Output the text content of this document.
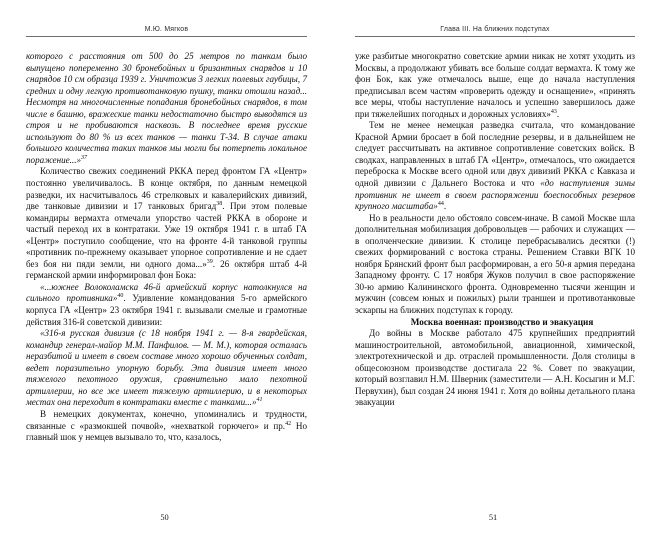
М.Ю. Мягков

которого с расстояния от 500 до 25 метров по танкам было выпущено попеременно 30 бронебойных и бризантных снарядов и 10 снарядов 10 см образца 1939 г. Уничтожив 3 легких полевых гаубицы, 7 средних и одну легкую противотанковую пушку, танки отошли назад... Несмотря на многочисленные попадания бронебойных снарядов, в том числе в башню, вражеские танки недостаточно быстро выводятся из строя и не пробиваются насквозь. В последнее время русские используют до 80 % из всех танков — танки Т-34. В случае атаки большого количества таких танков мы могли бы потерпеть локальное поражение...»$^{37}$

Количество свежих соединений РККА перед фронтом ГА «Центр» постоянно увеличивалось. В конце октября, по данным немецкой разведки, их насчитывалось 46 стрелковых и кавалерийских дивизий, две танковые дивизии и 17 танковых бригад$^{38}$. При этом полевые командиры вермахта отмечали упорство частей РККА в обороне и частый переход их в контратаки. Уже 19 октября 1941 г. в штаб ГА «Центр» поступило сообщение, что на фронте 4-й танковой группы «противник по-прежнему оказывает упорное сопротивление и не сдает без боя ни пяди земли, ни одного дома...»$^{39}$. 26 октября штаб 4-й германской армии информировал фон Бока:

«...южнее Волоколамска 46-й армейский корпус натолкнулся на сильного противника»$^{40}$. Удивление командования 5-го армейского корпуса ГА «Центр» 23 октября 1941 г. вызывали смелые и грамотные действия 316-й советской дивизии:

«316-я русская дивизия (с 18 ноября 1941 г. — 8-я гвардейская, командир генерал-майор М.М. Панфилов. — М. М.), которая осталась неразбитой и имеет в своем составе много хорошо обученных солдат, ведет поразительно упорную борьбу. Эта дивизия имеет много тяжелого пехотного оружия, сравнительно мало пехотной артиллерии, но все же имеет тяжелую артиллерию, и в некоторых местах она переходит в контратаки вместе с танками...»$^{41}$

В немецких документах, конечно, упоминались и трудности, связанные с «размокшей почвой», «нехваткой горючего» и пр.$^{42}$ Но главный шок у немцев вызывало то, что, казалось,

50
Глава III. На ближних подступах

уже разбитые многократно советские армии никак не хотят уходить из Москвы, а продолжают убивать все больше солдат вермахта. К тому же фон Бок, как уже отмечалось выше, еще до начала наступления предписывал всем частям «проверить одежду и оснащение», «принять все меры, чтобы наступление началось и успешно завершилось даже при тяжелейших погодных и дорожных условиях»$^{43}$.

Тем не менее немецкая разведка считала, что командование Красной Армии бросает в бой последние резервы, и в дальнейшем не следует рассчитывать на активное сопротивление советских войск. В сводках, направленных в штаб ГА «Центр», отмечалось, что ожидается переброска к Москве всего одной или двух дивизий РККА с Кавказа и одной дивизии с Дальнего Востока и что «до наступления зимы противник не имеет в своем распоряжении боеспособных резервов крупного масштаба»$^{44}$.

Но в реальности дело обстояло совсем-иначе. В самой Москве шла дополнительная мобилизация добровольцев — рабочих и служащих — в ополченческие дивизии. К столице перебрасывались десятки (!) свежих формирований с востока страны. Решением Ставки ВГК 10 ноября Брянский фронт был расформирован, а его 50-я армия передана Западному фронту. С 17 ноября Жуков получил в свое распоряжение 30-ю армию Калининского фронта. Одновременно тысячи женщин и мужчин (совсем юных и пожилых) рыли траншеи и противотанковые эскарпы на ближних подступах к городу.

Москва военная: производство и эвакуация

До войны в Москве работало 475 крупнейших предприятий машиностроительной, автомобильной, авиационной, химической, электротехнической и др. отраслей промышленности. Доля столицы в общесоюзном производстве достигала 22 %. Совет по эвакуации, который возглавил Н.М. Шверник (заместители — А.Н. Косыгин и М.Г. Первухин), был создан 24 июня 1941 г. Хотя до войны детального плана эвакуации

51
